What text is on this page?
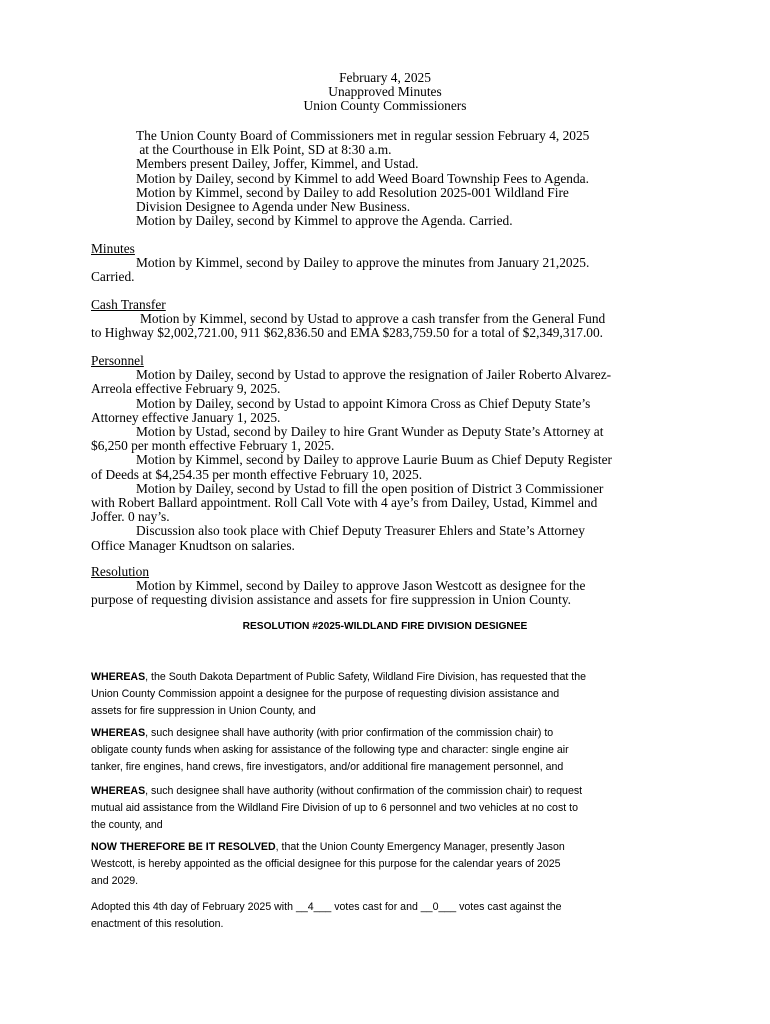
February 4, 2025
Unapproved Minutes
Union County Commissioners
The Union County Board of Commissioners met in regular session February 4, 2025
at the Courthouse in Elk Point, SD at 8:30 a.m.
Members present Dailey, Joffer, Kimmel, and Ustad.
Motion by Dailey, second by Kimmel to add Weed Board Township Fees to Agenda.
Motion by Kimmel, second by Dailey to add Resolution 2025-001 Wildland Fire
Division Designee to Agenda under New Business.
Motion by Dailey, second by Kimmel to approve the Agenda. Carried.
Minutes
Motion by Kimmel, second by Dailey to approve the minutes from January 21,2025.
Carried.
Cash Transfer
Motion by Kimmel, second by Ustad to approve a cash transfer from the General Fund
to Highway $2,002,721.00, 911 $62,836.50 and EMA $283,759.50 for a total of $2,349,317.00.
Personnel
Motion by Dailey, second by Ustad to approve the resignation of Jailer Roberto Alvarez-
Arreola effective February 9, 2025.
Motion by Dailey, second by Ustad to appoint Kimora Cross as Chief Deputy State’s
Attorney effective January 1, 2025.
Motion by Ustad, second by Dailey to hire Grant Wunder as Deputy State’s Attorney at
$6,250 per month effective February 1, 2025.
Motion by Kimmel, second by Dailey to approve Laurie Buum as Chief Deputy Register
of Deeds at $4,254.35 per month effective February 10, 2025.
Motion by Dailey, second by Ustad to fill the open position of District 3 Commissioner
with Robert Ballard appointment. Roll Call Vote with 4 aye’s from Dailey, Ustad, Kimmel and
Joffer. 0 nay’s.
Discussion also took place with Chief Deputy Treasurer Ehlers and State’s Attorney
Office Manager Knudtson on salaries.
Resolution
Motion by Kimmel, second by Dailey to approve Jason Westcott as designee for the
purpose of requesting division assistance and assets for fire suppression in Union County.
RESOLUTION #2025-WILDLAND FIRE DIVISION DESIGNEE
WHEREAS, the South Dakota Department of Public Safety, Wildland Fire Division, has requested that the
Union County Commission appoint a designee for the purpose of requesting division assistance and
assets for fire suppression in Union County, and
WHEREAS, such designee shall have authority (with prior confirmation of the commission chair) to
obligate county funds when asking for assistance of the following type and character: single engine air
tanker, fire engines, hand crews, fire investigators, and/or additional fire management personnel, and
WHEREAS, such designee shall have authority (without confirmation of the commission chair) to request
mutual aid assistance from the Wildland Fire Division of up to 6 personnel and two vehicles at no cost to
the county, and
NOW THEREFORE BE IT RESOLVED, that the Union County Emergency Manager, presently Jason
Westcott, is hereby appointed as the official designee for this purpose for the calendar years of 2025
and 2029.
Adopted this 4th day of February 2025 with __4___ votes cast for and __0___ votes cast against the
enactment of this resolution.
